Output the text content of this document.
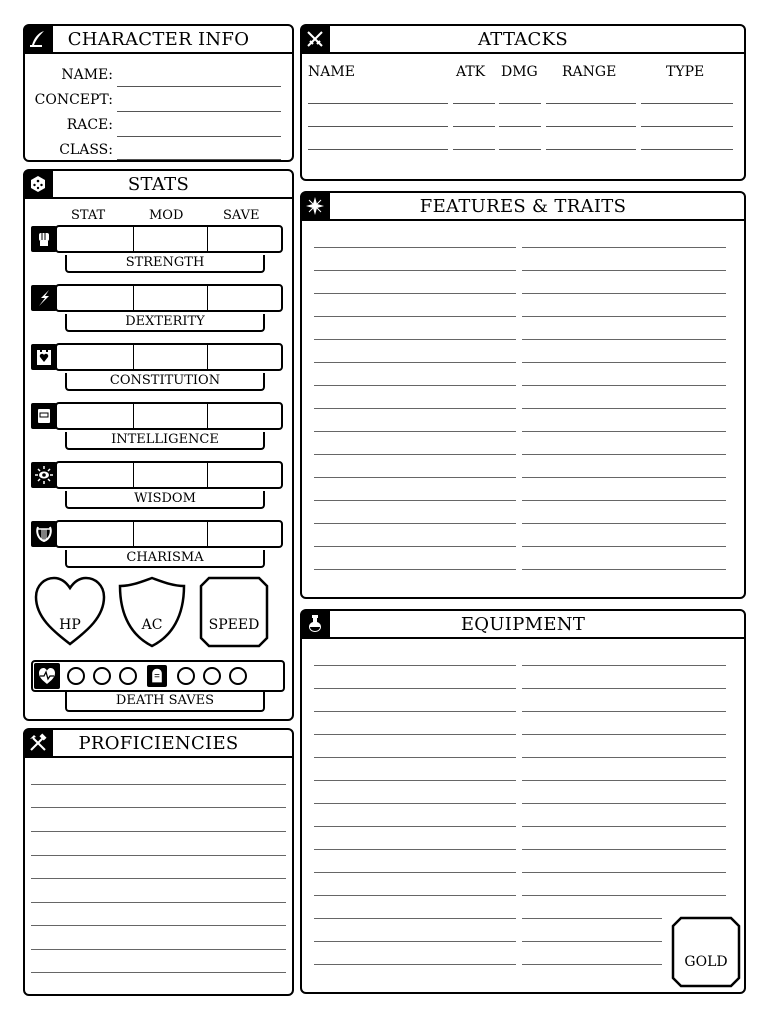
CHARACTER INFO
NAME:
CONCEPT:
RACE:
CLASS:
STATS
STAT	MOD	SAVE
STRENGTH
DEXTERITY
CONSTITUTION
INTELLIGENCE
WISDOM
CHARISMA
HP	AC	SPEED
DEATH SAVES
PROFICIENCIES
ATTACKS
NAME	ATK DMG RANGE	TYPE
FEATURES & TRAITS
EQUIPMENT
GOLD
